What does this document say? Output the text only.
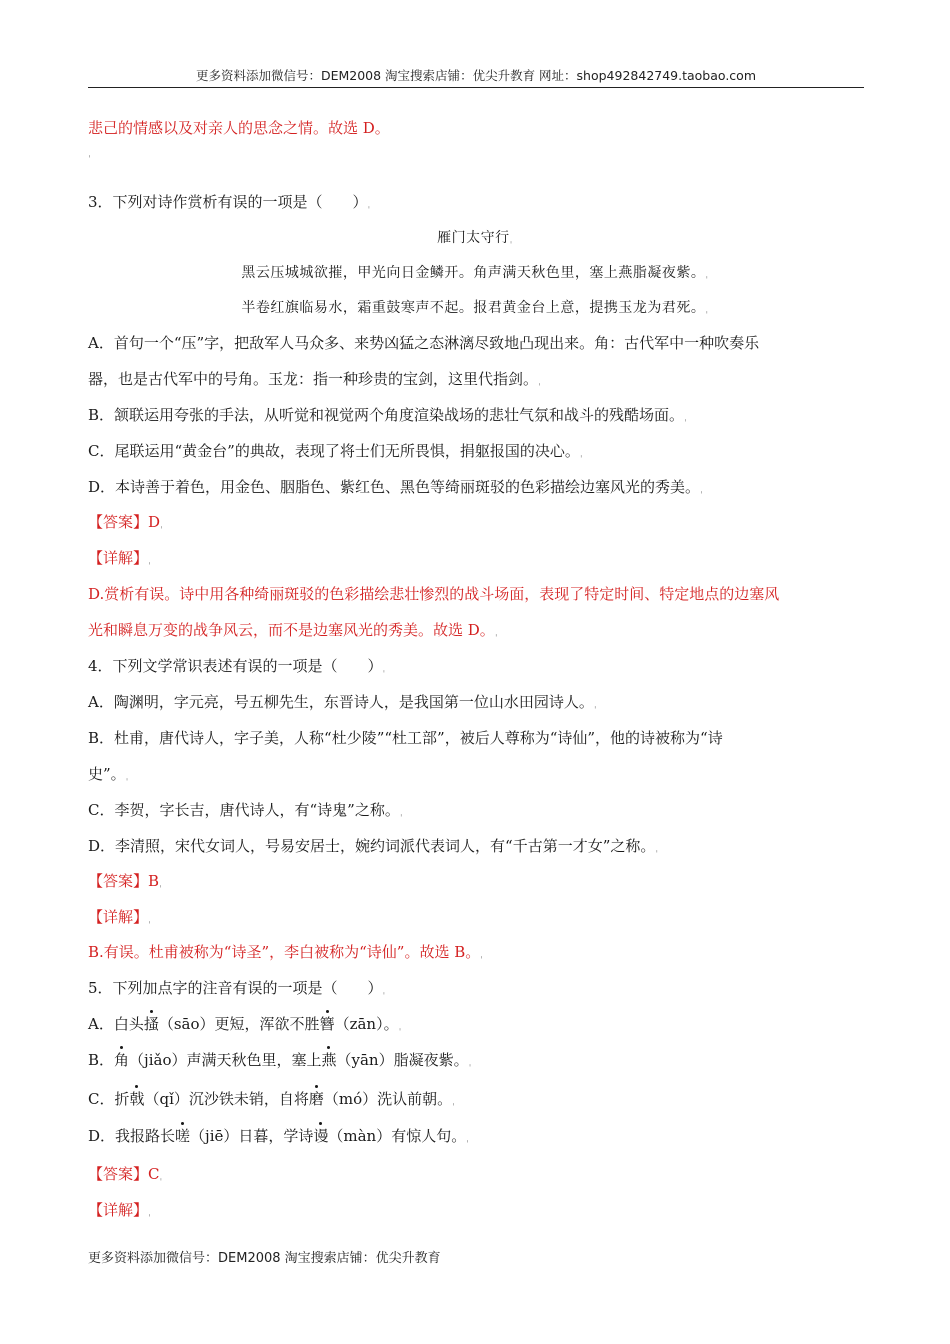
更多资料添加微信号：DEM2008 淘宝搜索店铺：优尖升教育 网址：shop492842749.taobao.com
悲己的情感以及对亲人的思念之情。故选 D。
ˌ
3．下列对诗作赏析有误的一项是（　　）ˌ
雁门太守行ˌ
黑云压城城欲摧，甲光向日金鳞开。角声满天秋色里，塞上燕脂凝夜紫。ˌ
半卷红旗临易水，霜重鼓寒声不起。报君黄金台上意，提携玉龙为君死。ˌ
A．首句一个“压”字，把敌军人马众多、来势凶猛之态淋漓尽致地凸现出来。角：古代军中一种吹奏乐
器，也是古代军中的号角。玉龙：指一种珍贵的宝剑，这里代指剑。ˌ
B．颔联运用夸张的手法，从听觉和视觉两个角度渲染战场的悲壮气氛和战斗的残酷场面。ˌ
C．尾联运用“黄金台”的典故，表现了将士们无所畏惧，捐躯报国的决心。ˌ
D．本诗善于着色，用金色、胭脂色、紫红色、黑色等绮丽斑驳的色彩描绘边塞风光的秀美。ˌ
【答案】Dˌ
【详解】ˌ
D.赏析有误。诗中用各种绮丽斑驳的色彩描绘悲壮惨烈的战斗场面，表现了特定时间、特定地点的边塞风
光和瞬息万变的战争风云，而不是边塞风光的秀美。故选 D。ˌ
4．下列文学常识表述有误的一项是（　　）ˌ
A．陶渊明，字元亮，号五柳先生，东晋诗人，是我国第一位山水田园诗人。ˌ
B．杜甫，唐代诗人，字子美，人称“杜少陵”“杜工部”，被后人尊称为“诗仙”，他的诗被称为“诗
史”。ˌ
C．李贺，字长吉，唐代诗人，有“诗鬼”之称。ˌ
D．李清照，宋代女词人，号易安居士，婉约词派代表词人，有“千古第一才女”之称。ˌ
【答案】Bˌ
【详解】ˌ
B.有误。杜甫被称为“诗圣”，李白被称为“诗仙”。故选 B。ˌ
5．下列加点字的注音有误的一项是（　　）ˌ
A．白头搔（sāo）更短，浑欲不胜簪（zān）。ˌ
B．角（jiǎo）声满天秋色里，塞上燕（yān）脂凝夜紫。ˌ
C．折戟（qǐ）沉沙铁未销，自将磨（mó）洗认前朝。ˌ
D．我报路长嗟（jiē）日暮，学诗谩（màn）有惊人句。ˌ
【答案】Cˌ
【详解】ˌ
更多资料添加微信号：DEM2008 淘宝搜索店铺：优尖升教育
